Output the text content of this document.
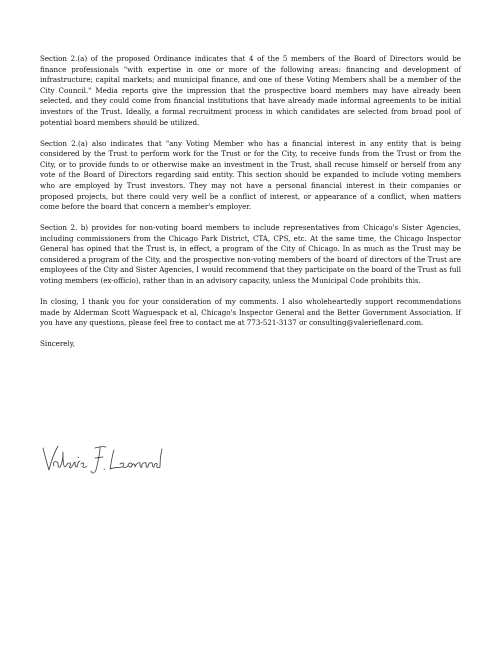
Section 2.(a) of the proposed Ordinance indicates that 4 of the 5 members of the Board of Directors would be finance professionals "with expertise in one or more of the following areas: financing and development of infrastructure; capital markets; and municipal finance, and one of these Voting Members shall be a member of the City Council." Media reports give the impression that the prospective board members may have already been selected, and they could come from financial institutions that have already made informal agreements to be initial investors of the Trust. Ideally, a formal recruitment process in which candidates are selected from broad pool of potential board members should be utilized.

Section 2.(a) also indicates that "any Voting Member who has a financial interest in any entity that is being considered by the Trust to perform work for the Trust or for the City, to receive funds from the Trust or from the City, or to provide funds to or otherwise make an investment in the Trust, shall recuse himself or herself from any vote of the Board of Directors regarding said entity. This section should be expanded to include voting members who are employed by Trust investors. They may not have a personal financial interest in their companies or proposed projects, but there could very well be a conflict of interest, or appearance of a conflict, when matters come before the board that concern a member's employer.

Section 2. b) provides for non-voting board members to include representatives from Chicago's Sister Agencies, including commissioners from the Chicago Park District, CTA, CPS, etc. At the same time, the Chicago Inspector General has opined that the Trust is, in effect, a program of the City of Chicago. In as much as the Trust may be considered a program of the City, and the prospective non-voting members of the board of directors of the Trust are employees of the City and Sister Agencies, I would recommend that they participate on the board of the Trust as full voting members (ex-officio), rather than in an advisory capacity, unless the Municipal Code prohibits this.

In closing, I thank you for your consideration of my comments. I also wholeheartedly support recommendations made by Alderman Scott Waguespack et al, Chicago's Inspector General and the Better Government Association. If you have any questions, please feel free to contact me at 773-521-3137 or consulting@valerieflenard.com.

Sincerely,
